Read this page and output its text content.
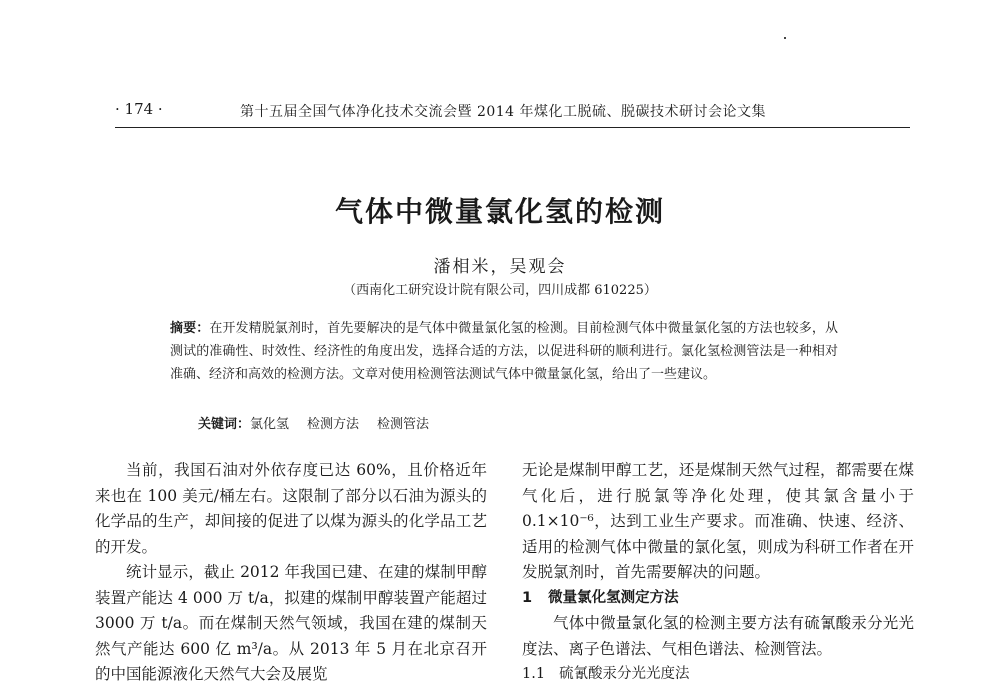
· 174 ·	第十五届全国气体净化技术交流会暨 2014 年煤化工脱硫、脱碳技术研讨会论文集
气体中微量氯化氢的检测
潘相米，吴观会
（西南化工研究设计院有限公司，四川成都 610225）
摘要：在开发精脱氯剂时，首先要解决的是气体中微量氯化氢的检测。目前检测气体中微量氯化氢的方法也较多，从测试的准确性、时效性、经济性的角度出发，选择合适的方法，以促进科研的顺利进行。氯化氢检测管法是一种相对准确、经济和高效的检测方法。文章对使用检测管法测试气体中微量氯化氢，给出了一些建议。
关键词：氯化氢 检测方法 检测管法

当前，我国石油对外依存度已达 60%，且价格近年来也在 100 美元/桶左右。这限制了部分以石油为源头的化学品的生产，却间接的促进了以煤为源头的化学品工艺的开发。

统计显示，截止 2012 年我国已建、在建的煤制甲醇装置产能达 4 000 万 t/a，拟建的煤制甲醇装置产能超过 3000 万 t/a。而在煤制天然气领域，我国在建的煤制天然气产能达 600 亿 m³/a。从 2013 年 5 月在北京召开的中国能源液化天然气大会及展览

无论是煤制甲醇工艺，还是煤制天然气过程，都需要在煤气化后，进行脱氯等净化处理，使其氯含量小于 0.1×10⁻⁶，达到工业生产要求。而准确、快速、经济、适用的检测气体中微量的氯化氢，则成为科研工作者在开发脱氯剂时，首先需要解决的问题。

1 微量氯化氢测定方法

气体中微量氯化氢的检测主要方法有硫氰酸汞分光光度法、离子色谱法、气相色谱法、检测管法。

1.1 硫氰酸汞分光光度法
